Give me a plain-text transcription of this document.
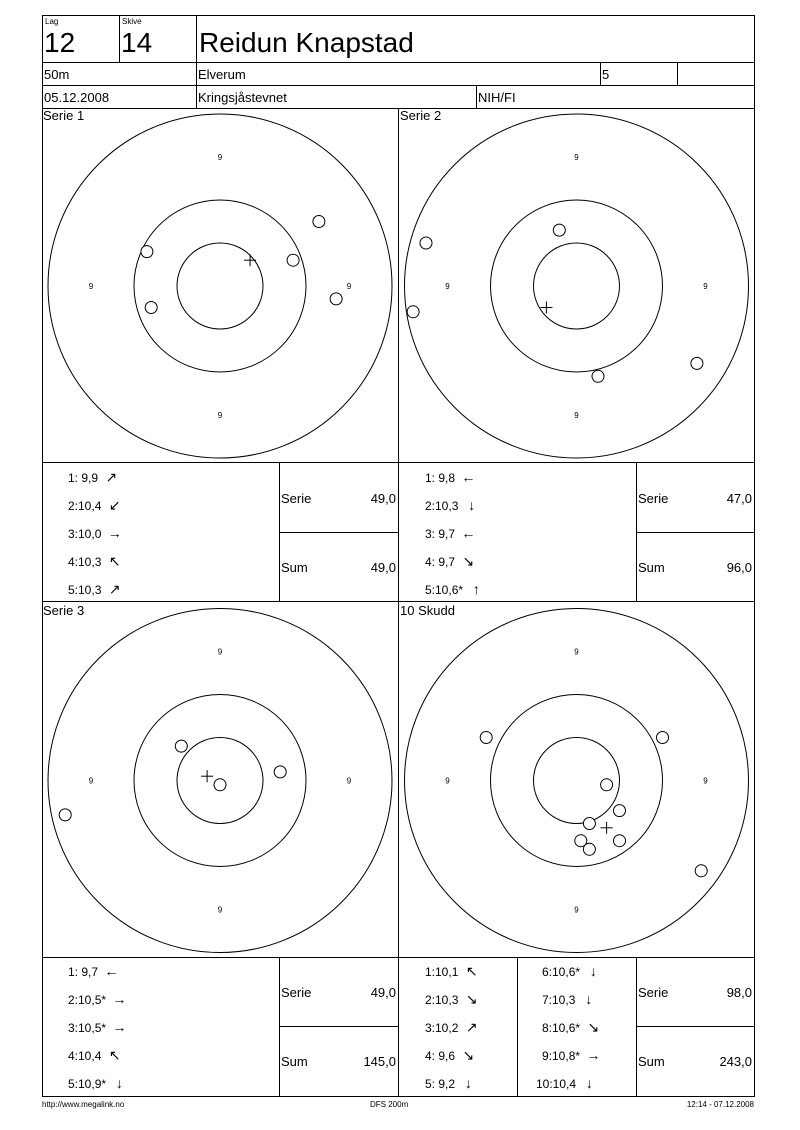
Lag
12
Skive
14 Reidun Knapstad
50m	Elverum	5
05.12.2008	Kringsjåstevnet	NIH/FI
Serie 1	Serie 2
Serie 3	10 Skudd
9
9	9
9
9
9	9
9
9
9	9
9
9
9	9
9
1: 9,9 ↗
2:10,4 ↙
3:10,0 →
4:10,3 ↖
5:10,3 ↗
Serie	49,0
Sum	49,0
1: 9,8 ←
2:10,3 ↓
3: 9,7 ←
4: 9,7 ↘
5:10,6* ↑
Serie	47,0
Sum	96,0
1: 9,7 ←
2:10,5* →
3:10,5* →
4:10,4 ↖
5:10,9* ↓
Serie	49,0
Sum	145,0
1:10,1 ↖
2:10,3 ↘
3:10,2 ↗
4: 9,6 ↘
5: 9,2 ↓
6:10,6* ↓
7:10,3 ↓
8:10,6* ↘
9:10,8* →
10:10,4 ↓
Serie	98,0
Sum	243,0
http://www.megalink.no	DFS 200m	12:14 - 07.12.2008
